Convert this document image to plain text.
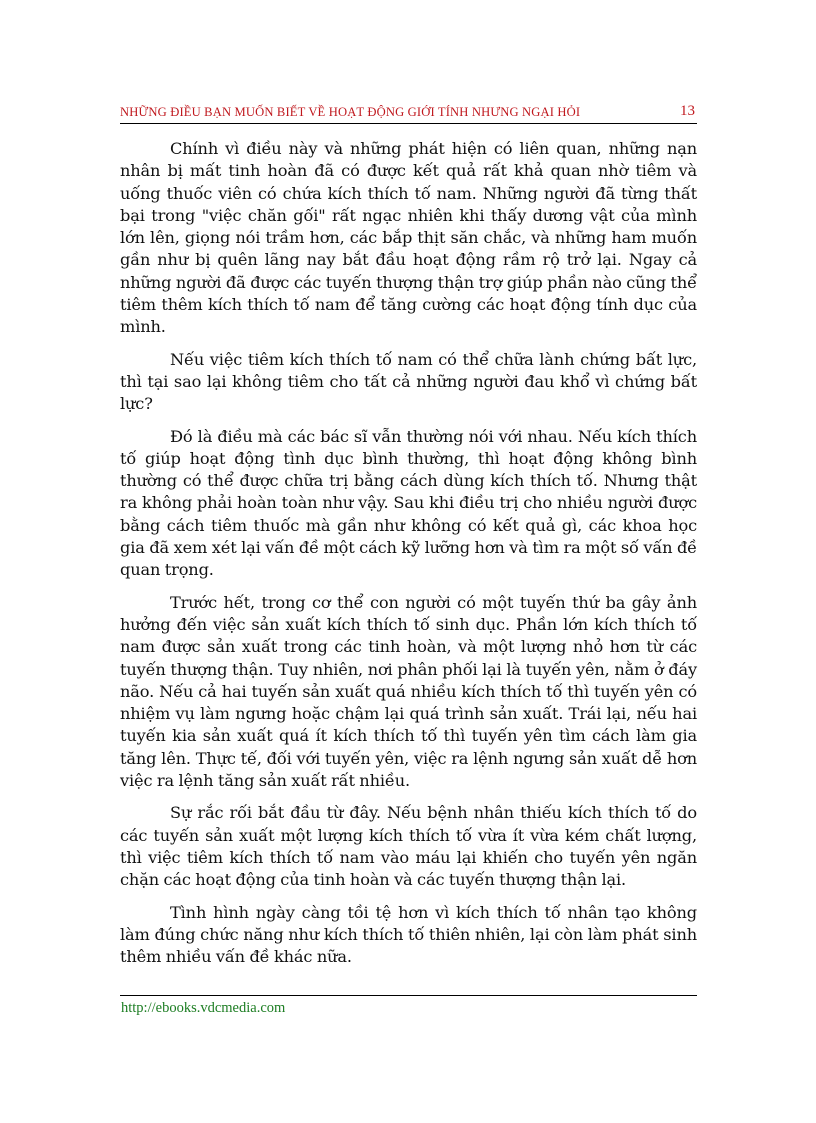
NHỮNG ĐIỀU BẠN MUỐN BIẾT VỀ HOẠT ĐỘNG GIỚI TÍNH NHƯNG NGẠI HỎI	13

Chính vì điều này và những phát hiện có liên quan, những nạn nhân bị mất tinh hoàn đã có được kết quả rất khả quan nhờ tiêm và uống thuốc viên có chứa kích thích tố nam. Những người đã từng thất bại trong "việc chăn gối" rất ngạc nhiên khi thấy dương vật của mình lớn lên, giọng nói trầm hơn, các bắp thịt săn chắc, và những ham muốn gần như bị quên lãng nay bắt đầu hoạt động rầm rộ trở lại. Ngay cả những người đã được các tuyến thượng thận trợ giúp phần nào cũng thể tiêm thêm kích thích tố nam để tăng cường các hoạt động tính dục của mình.

Nếu việc tiêm kích thích tố nam có thể chữa lành chứng bất lực, thì tại sao lại không tiêm cho tất cả những người đau khổ vì chứng bất lực?

Đó là điều mà các bác sĩ vẫn thường nói với nhau. Nếu kích thích tố giúp hoạt động tình dục bình thường, thì hoạt động không bình thường có thể được chữa trị bằng cách dùng kích thích tố. Nhưng thật ra không phải hoàn toàn như vậy. Sau khi điều trị cho nhiều người được bằng cách tiêm thuốc mà gần như không có kết quả gì, các khoa học gia đã xem xét lại vấn đề một cách kỹ lưỡng hơn và tìm ra một số vấn đề quan trọng.

Trước hết, trong cơ thể con người có một tuyến thứ ba gây ảnh hưởng đến việc sản xuất kích thích tố sinh dục. Phần lớn kích thích tố nam được sản xuất trong các tinh hoàn, và một lượng nhỏ hơn từ các tuyến thượng thận. Tuy nhiên, nơi phân phối lại là tuyến yên, nằm ở đáy não. Nếu cả hai tuyến sản xuất quá nhiều kích thích tố thì tuyến yên có nhiệm vụ làm ngưng hoặc chậm lại quá trình sản xuất. Trái lại, nếu hai tuyến kia sản xuất quá ít kích thích tố thì tuyến yên tìm cách làm gia tăng lên. Thực tế, đối với tuyến yên, việc ra lệnh ngưng sản xuất dễ hơn việc ra lệnh tăng sản xuất rất nhiều.

Sự rắc rối bắt đầu từ đây. Nếu bệnh nhân thiếu kích thích tố do các tuyến sản xuất một lượng kích thích tố vừa ít vừa kém chất lượng, thì việc tiêm kích thích tố nam vào máu lại khiến cho tuyến yên ngăn chặn các hoạt động của tinh hoàn và các tuyến thượng thận lại.

Tình hình ngày càng tồi tệ hơn vì kích thích tố nhân tạo không làm đúng chức năng như kích thích tố thiên nhiên, lại còn làm phát sinh thêm nhiều vấn đề khác nữa.

http://ebooks.vdcmedia.com
